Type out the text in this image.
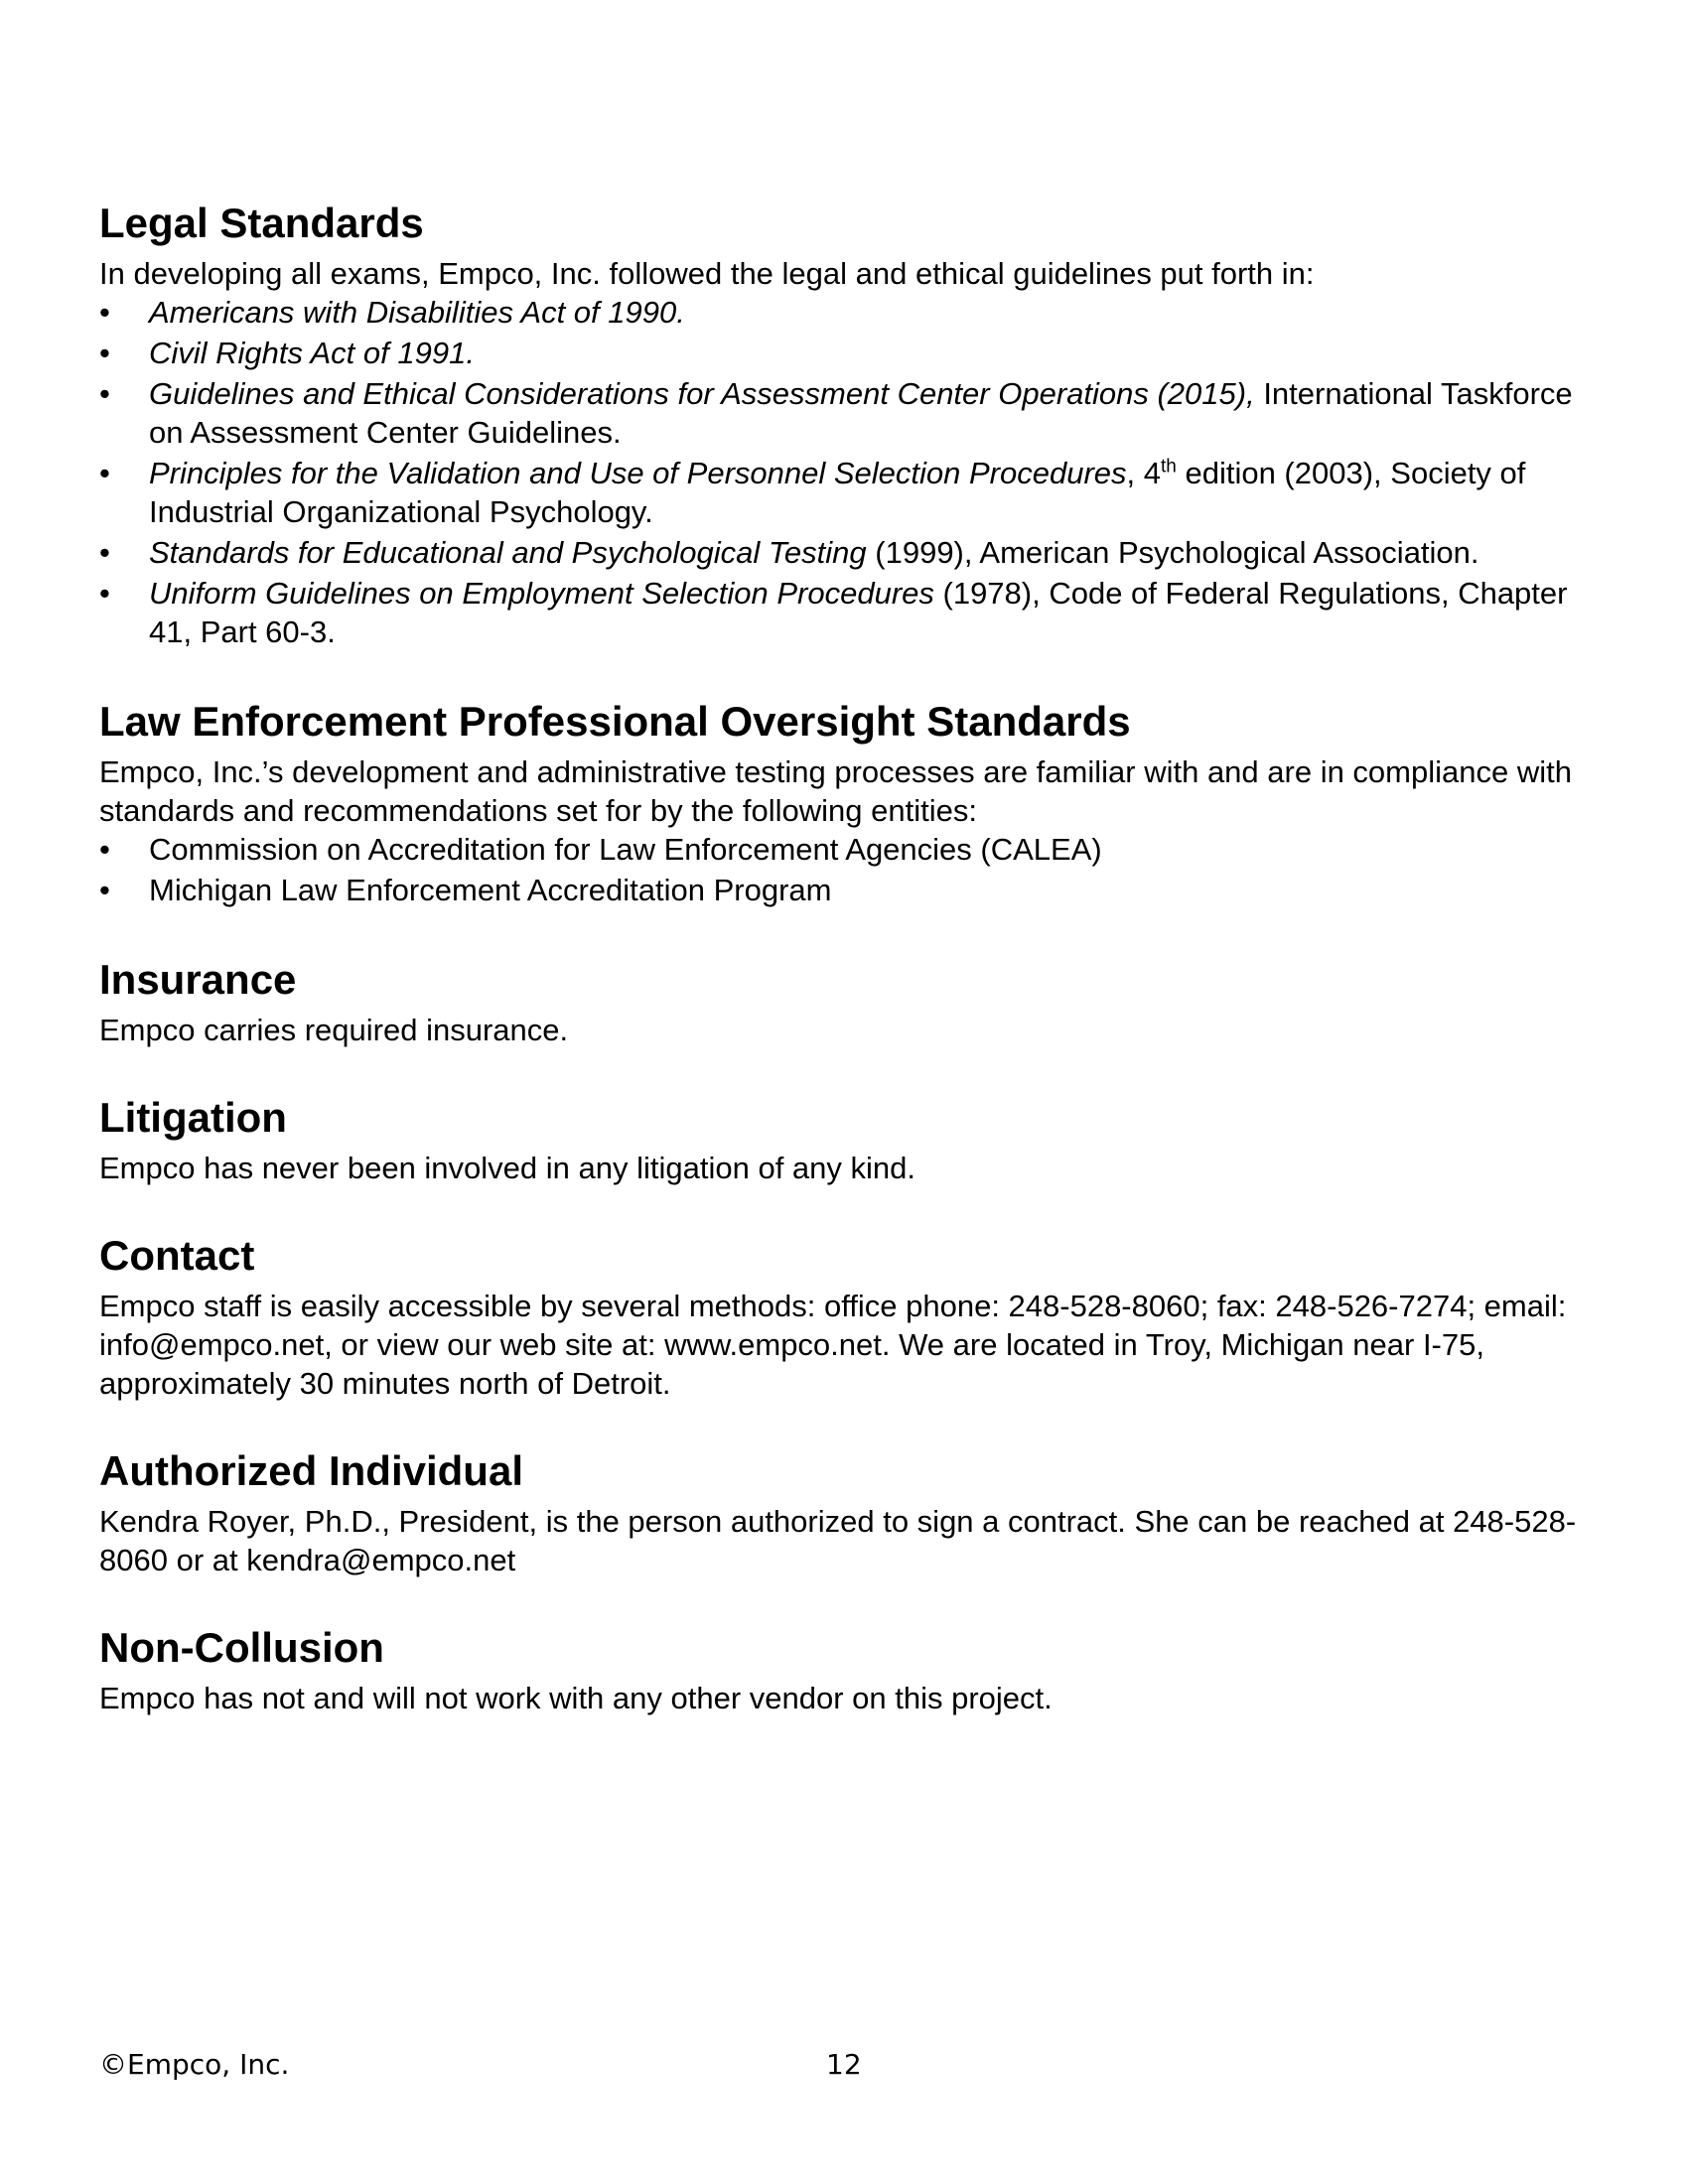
Legal Standards

In developing all exams, Empco, Inc. followed the legal and ethical guidelines put forth in:

• Americans with Disabilities Act of 1990.
• Civil Rights Act of 1991.
• Guidelines and Ethical Considerations for Assessment Center Operations (2015), International Taskforce on Assessment Center Guidelines.
• Principles for the Validation and Use of Personnel Selection Procedures, 4th edition (2003), Society of Industrial Organizational Psychology.
• Standards for Educational and Psychological Testing (1999), American Psychological Association.
• Uniform Guidelines on Employment Selection Procedures (1978), Code of Federal Regulations, Chapter 41, Part 60-3.
Law Enforcement Professional Oversight Standards

Empco, Inc.’s development and administrative testing processes are familiar with and are in compliance with standards and recommendations set for by the following entities:

• Commission on Accreditation for Law Enforcement Agencies (CALEA)
• Michigan Law Enforcement Accreditation Program
Insurance

Empco carries required insurance.

Litigation

Empco has never been involved in any litigation of any kind.

Contact

Empco staff is easily accessible by several methods: office phone: 248-528-8060; fax: 248-526-7274; email: info@empco.net, or view our web site at: www.empco.net. We are located in Troy, Michigan near I-75, approximately 30 minutes north of Detroit.

Authorized Individual

Kendra Royer, Ph.D., President, is the person authorized to sign a contract. She can be reached at 248-528-8060 or at kendra@empco.net

Non-Collusion

Empco has not and will not work with any other vendor on this project.

©Empco, Inc.	12
